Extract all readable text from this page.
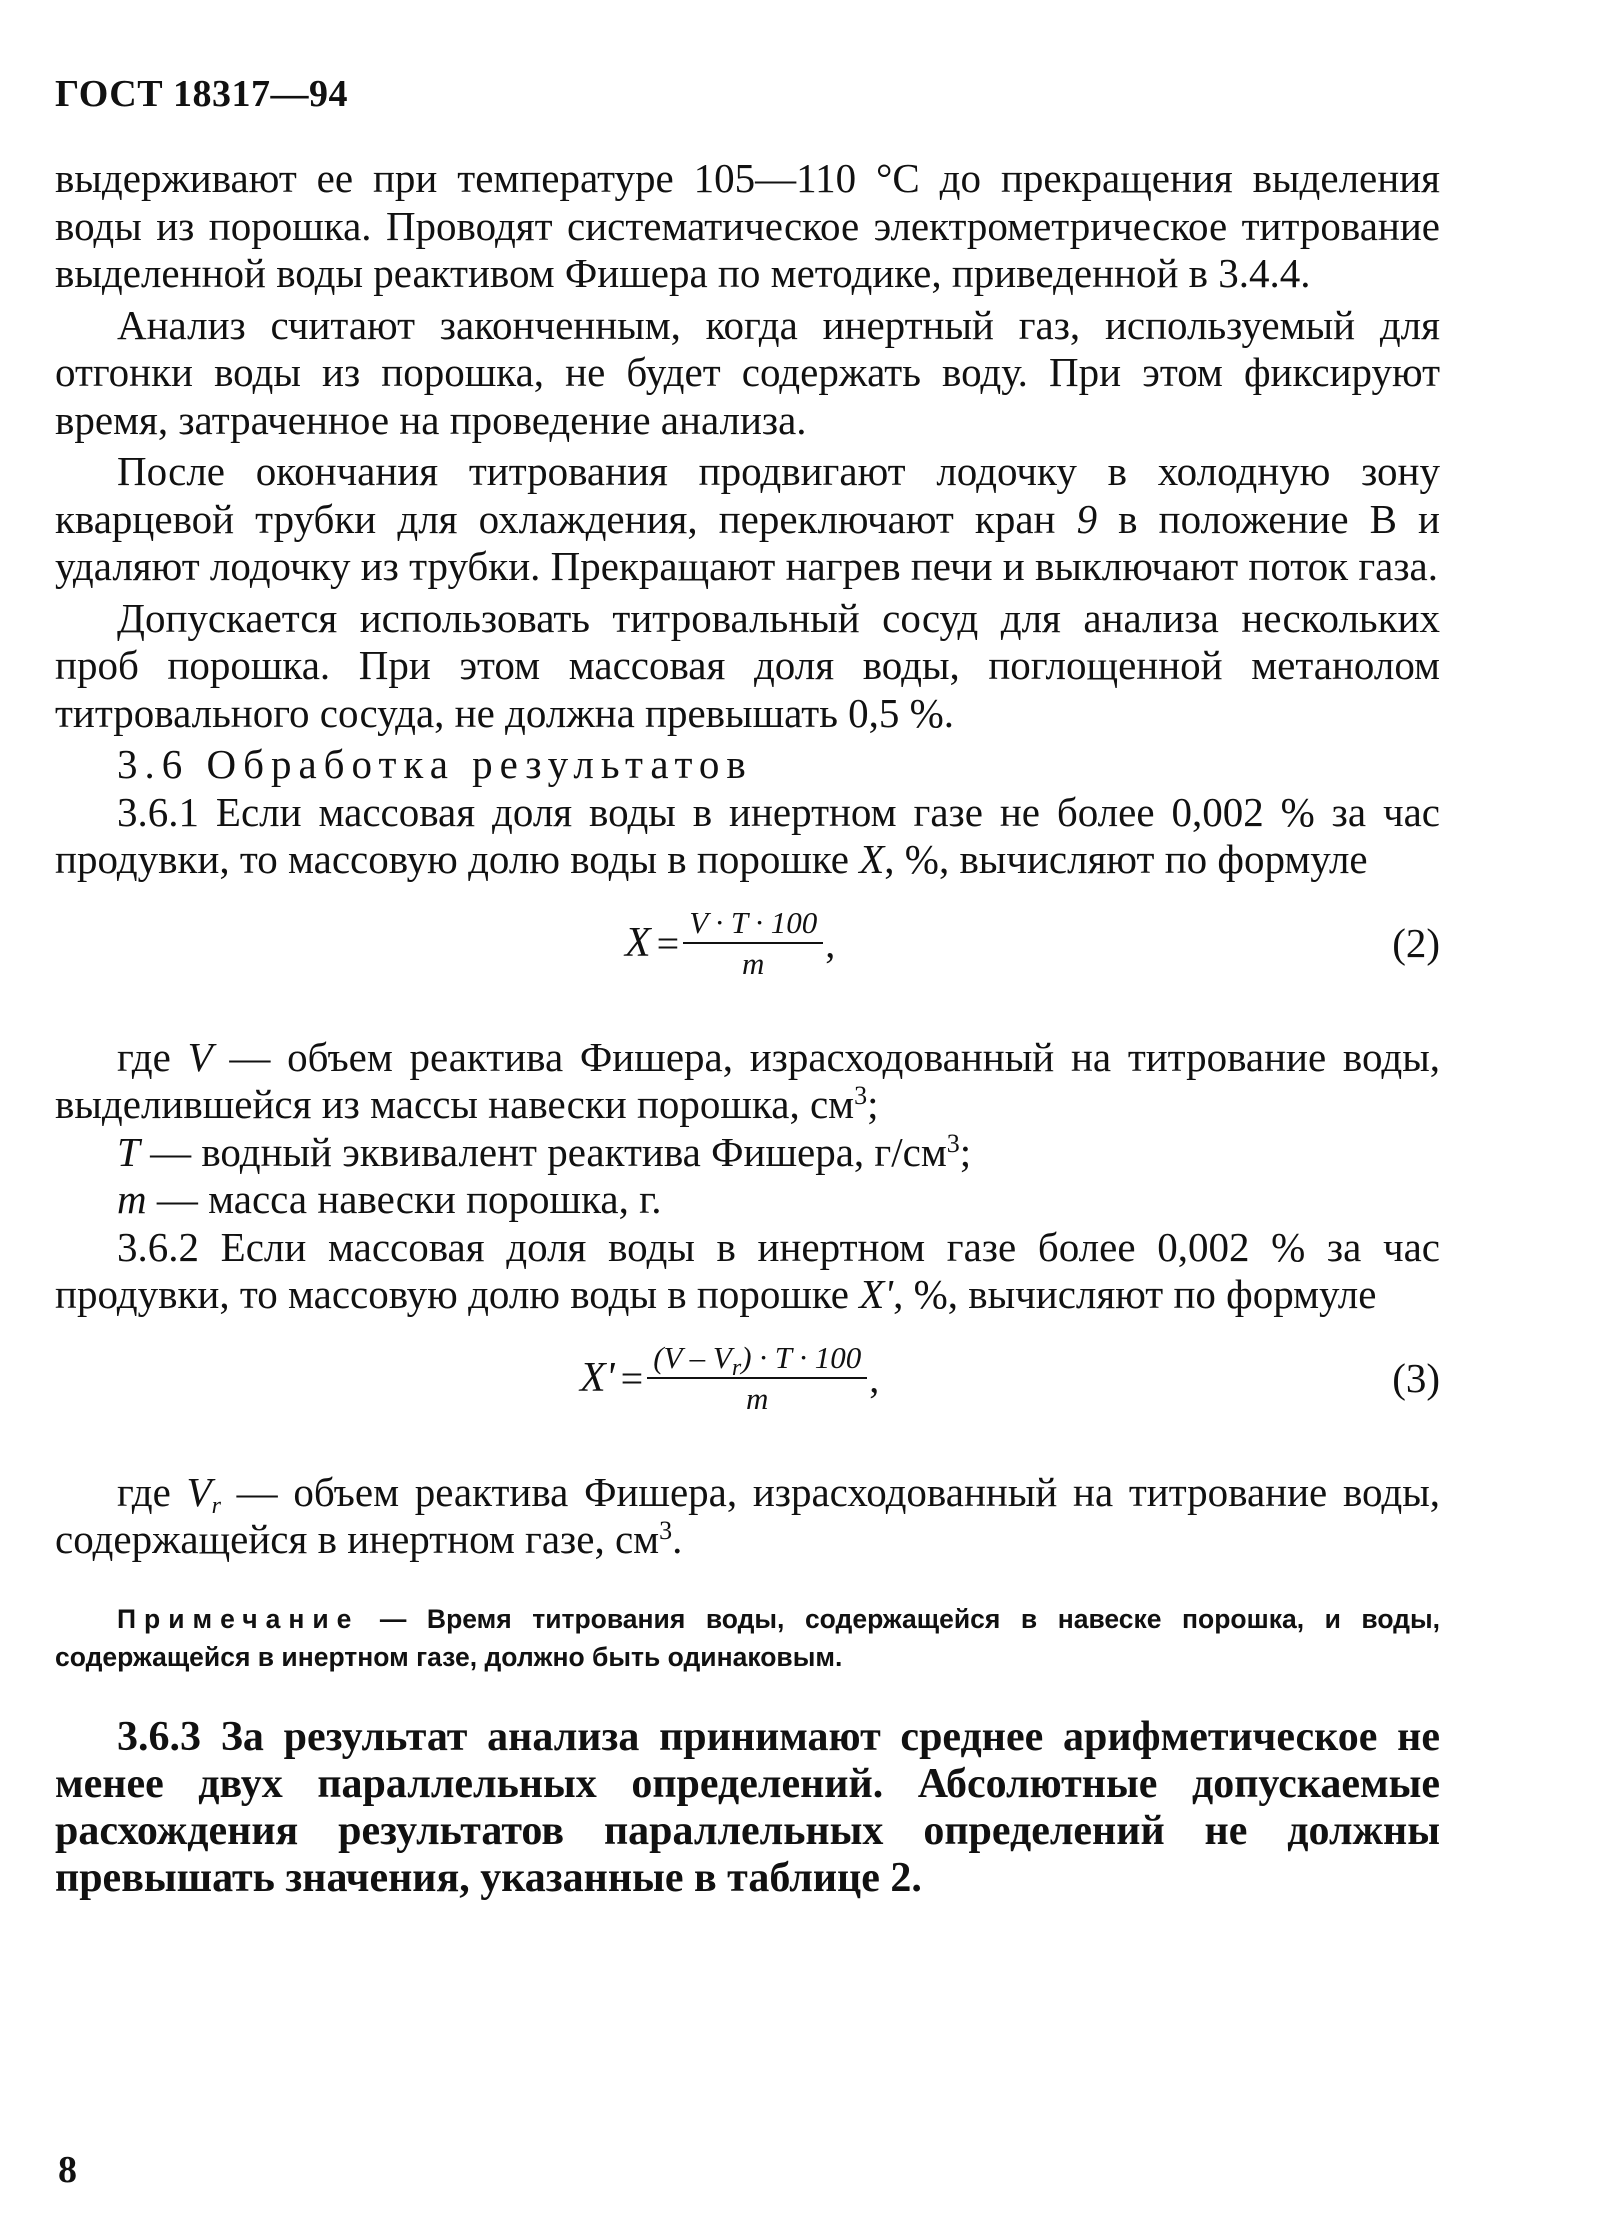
ГОСТ 18317—94

выдерживают ее при температуре 105—110 °С до прекращения выделения воды из порошка. Проводят систематическое электрометрическое титрование выделенной воды реактивом Фишера по методике, приведенной в 3.4.4.

Анализ считают законченным, когда инертный газ, используемый для отгонки воды из порошка, не будет содержать воду. При этом фиксируют время, затраченное на проведение анализа.

После окончания титрования продвигают лодочку в холодную зону кварцевой трубки для охлаждения, переключают кран 9 в положение В и удаляют лодочку из трубки. Прекращают нагрев печи и выключают поток газа.

Допускается использовать титровальный сосуд для анализа нескольких проб порошка. При этом массовая доля воды, поглощенной метанолом титровального сосуда, не должна превышать 0,5 %.

3.6 Обработка результатов

3.6.1 Если массовая доля воды в инертном газе не более 0,002 % за час продувки, то массовую долю воды в порошке X, %, вычисляют по формуле

$X = \frac{V \cdot T \cdot 100}{m}$ ,	(2)

где V — объем реактива Фишера, израсходованный на титрование воды, выделившейся из массы навески порошка, $см^3$;

T — водный эквивалент реактива Фишера, $г/см^3$;

m — масса навески порошка, г.

3.6.2 Если массовая доля воды в инертном газе более 0,002 % за час продувки, то массовую долю воды в порошке X', %, вычисляют по формуле

$X' = \frac{(V - V_r) \cdot T \cdot 100}{m}$ ,	(3)

где $V_r$ — объем реактива Фишера, израсходованный на титрование воды, содержащейся в инертном газе, $см^3$.

Примечание — Время титрования воды, содержащейся в навеске порошка, и воды, содержащейся в инертном газе, должно быть одинаковым.

3.6.3 За результат анализа принимают среднее арифметическое не менее двух параллельных определений. Абсолютные допускаемые расхождения результатов параллельных определений не должны превышать значения, указанные в таблице 2.

8
